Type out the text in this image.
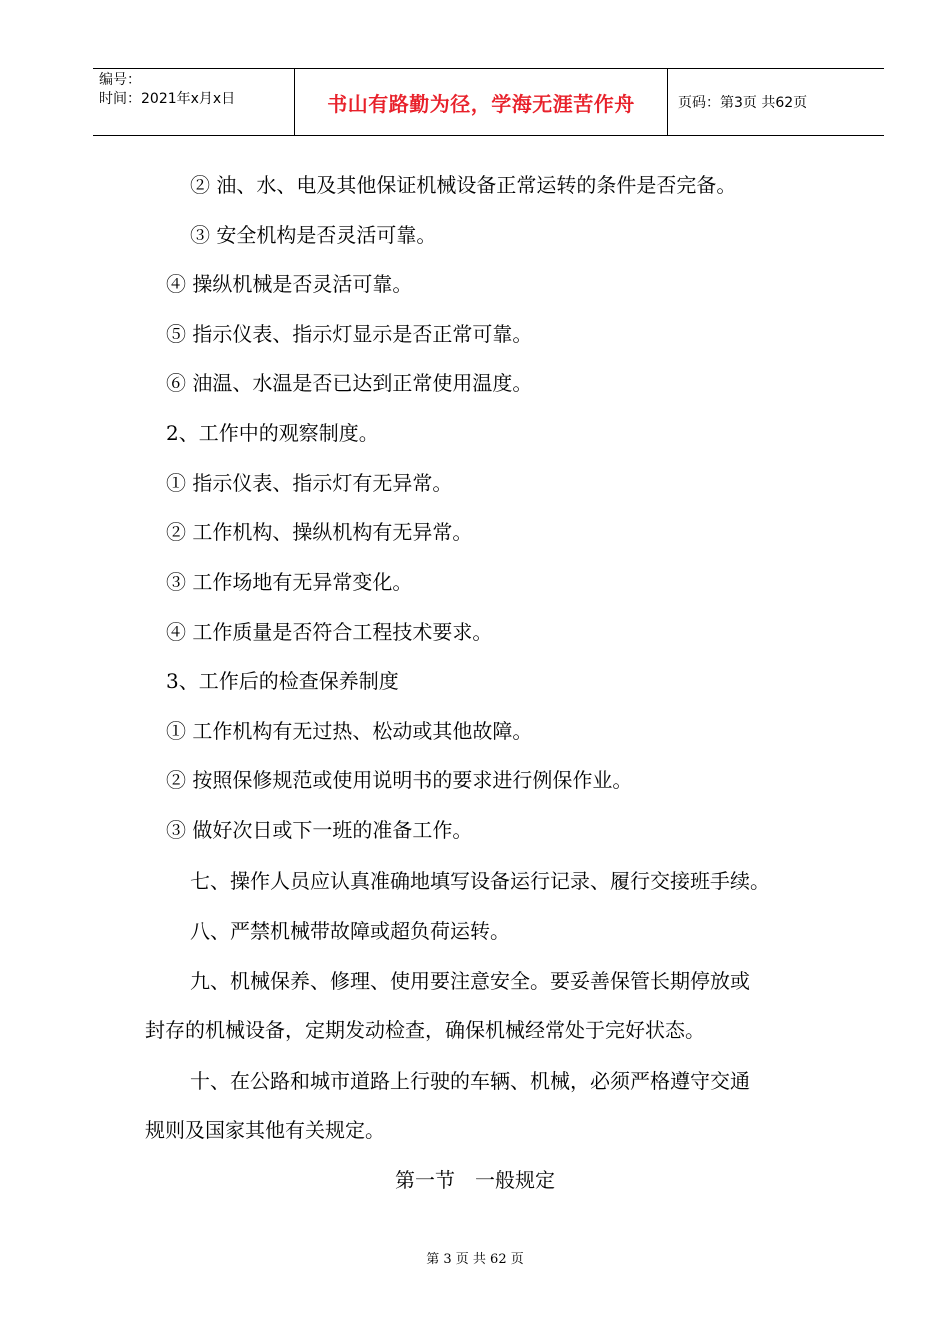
编号：
时间：2021年x月x日	书山有路勤为径，学海无涯苦作舟	页码：第3页 共62页
② 油、水、电及其他保证机械设备正常运转的条件是否完备。
③ 安全机构是否灵活可靠。
④ 操纵机械是否灵活可靠。
⑤ 指示仪表、指示灯显示是否正常可靠。
⑥ 油温、水温是否已达到正常使用温度。
2、工作中的观察制度。
① 指示仪表、指示灯有无异常。
② 工作机构、操纵机构有无异常。
③ 工作场地有无异常变化。
④ 工作质量是否符合工程技术要求。
3、工作后的检查保养制度
① 工作机构有无过热、松动或其他故障。
② 按照保修规范或使用说明书的要求进行例保作业。
③ 做好次日或下一班的准备工作。
七、操作人员应认真准确地填写设备运行记录、履行交接班手续。
八、严禁机械带故障或超负荷运转。
九、机械保养、修理、使用要注意安全。要妥善保管长期停放或
封存的机械设备，定期发动检查，确保机械经常处于完好状态。
十、在公路和城市道路上行驶的车辆、机械，必须严格遵守交通
规则及国家其他有关规定。
第一节　一般规定
第 3 页 共 62 页
